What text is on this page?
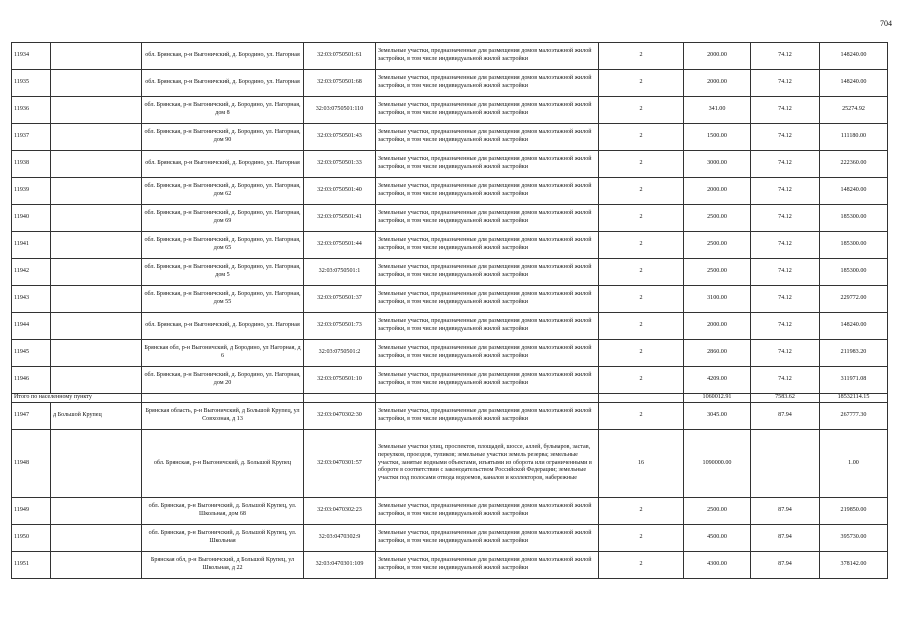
704
11934		обл. Брянская, р-н Выгоничский, д. Бородино, ул. Нагорная	32:03:0750501:61	Земельные участки, предназначенные для размещения домов малоэтажной жилой застройки, в том числе индивидуальной жилой застройки	2	2000.00	74.12	148240.00
11935		обл. Брянская, р-н Выгоничский, д. Бородино, ул. Нагорная	32:03:0750501:68	Земельные участки, предназначенные для размещения домов малоэтажной жилой застройки, в том числе индивидуальной жилой застройки	2	2000.00	74.12	148240.00
11936		обл. Брянская, р-н Выгоничский, д. Бородино, ул. Нагорная, дом 8	32:03:0750501:110	Земельные участки, предназначенные для размещения домов малоэтажной жилой застройки, в том числе индивидуальной жилой застройки	2	341.00	74.12	25274.92
11937		обл. Брянская, р-н Выгоничский, д. Бородино, ул. Нагорная, дом 90	32:03:0750501:43	Земельные участки, предназначенные для размещения домов малоэтажной жилой застройки, в том числе индивидуальной жилой застройки	2	1500.00	74.12	111180.00
11938		обл. Брянская, р-н Выгоничский, д. Бородино, ул. Нагорная	32:03:0750501:33	Земельные участки, предназначенные для размещения домов малоэтажной жилой застройки, в том числе индивидуальной жилой застройки	2	3000.00	74.12	222360.00
11939		обл. Брянская, р-н Выгоничский, д. Бородино, ул. Нагорная, дом 62	32:03:0750501:40	Земельные участки, предназначенные для размещения домов малоэтажной жилой застройки, в том числе индивидуальной жилой застройки	2	2000.00	74.12	148240.00
11940		обл. Брянская, р-н Выгоничский, д. Бородино, ул. Нагорная, дом 69	32:03:0750501:41	Земельные участки, предназначенные для размещения домов малоэтажной жилой застройки, в том числе индивидуальной жилой застройки	2	2500.00	74.12	185300.00
11941		обл. Брянская, р-н Выгоничский, д. Бородино, ул. Нагорная, дом 65	32:03:0750501:44	Земельные участки, предназначенные для размещения домов малоэтажной жилой застройки, в том числе индивидуальной жилой застройки	2	2500.00	74.12	185300.00
11942		обл. Брянская, р-н Выгоничский, д. Бородино, ул. Нагорная, дом 5	32:03:0750501:1	Земельные участки, предназначенные для размещения домов малоэтажной жилой застройки, в том числе индивидуальной жилой застройки	2	2500.00	74.12	185300.00
11943		обл. Брянская, р-н Выгоничский, д. Бородино, ул. Нагорная, дом 55	32:03:0750501:37	Земельные участки, предназначенные для размещения домов малоэтажной жилой застройки, в том числе индивидуальной жилой застройки	2	3100.00	74.12	229772.00
11944		обл. Брянская, р-н Выгоничский, д. Бородино, ул. Нагорная	32:03:0750501:73	Земельные участки, предназначенные для размещения домов малоэтажной жилой застройки, в том числе индивидуальной жилой застройки	2	2000.00	74.12	148240.00
11945		Брянская обл, р-н Выгоничский, д Бородино, ул Нагорная, д 6	32:03:0750501:2	Земельные участки, предназначенные для размещения домов малоэтажной жилой застройки, в том числе индивидуальной жилой застройки	2	2860.00	74.12	211983.20
11946		обл. Брянская, р-н Выгоничский, д. Бородино, ул. Нагорная, дом 20	32:03:0750501:10	Земельные участки, предназначенные для размещения домов малоэтажной жилой застройки, в том числе индивидуальной жилой застройки	2	4209.00	74.12	311971.08
Итого по населенному пункту						1060012.91	7583.62	18532114.15
11947	д Большой Крупец	Брянская область, р-н Выгоничский, д Большой Крупец, ул Совхозная, д 13	32:03:0470302:30	Земельные участки, предназначенные для размещения домов малоэтажной жилой застройки, в том числе индивидуальной жилой застройки	2	3045.00	87.94	267777.30
11948		обл. Брянская, р-н Выгоничский, д. Большой Крупец	32:03:0470301:57	Земельные участки улиц, проспектов, площадей, шоссе, аллей, бульваров, застав, переулков, проездов, тупиков; земельные участки земель резерва; земельные участки, занятые водными объектами, изъятыми из оборота или ограниченными в обороте в соответствии с законодательством Российской Федерации; земельные участки под полосами отвода водоемов, каналов и коллекторов, набережные	16	1090000.00		1.00
11949		обл. Брянская, р-н Выгоничский, д. Большой Крупец, ул. Школьная, дом 68	32:03:0470302:23	Земельные участки, предназначенные для размещения домов малоэтажной жилой застройки, в том числе индивидуальной жилой застройки	2	2500.00	87.94	219850.00
11950		обл. Брянская, р-н Выгоничский, д. Большой Крупец, ул. Школьная	32:03:0470302:9	Земельные участки, предназначенные для размещения домов малоэтажной жилой застройки, в том числе индивидуальной жилой застройки	2	4500.00	87.94	395730.00
11951		Брянская обл, р-н Выгоничский, д Большой Крупец, ул Школьная, д 22	32:03:0470301:109	Земельные участки, предназначенные для размещения домов малоэтажной жилой застройки, в том числе индивидуальной жилой застройки	2	4300.00	87.94	378142.00
